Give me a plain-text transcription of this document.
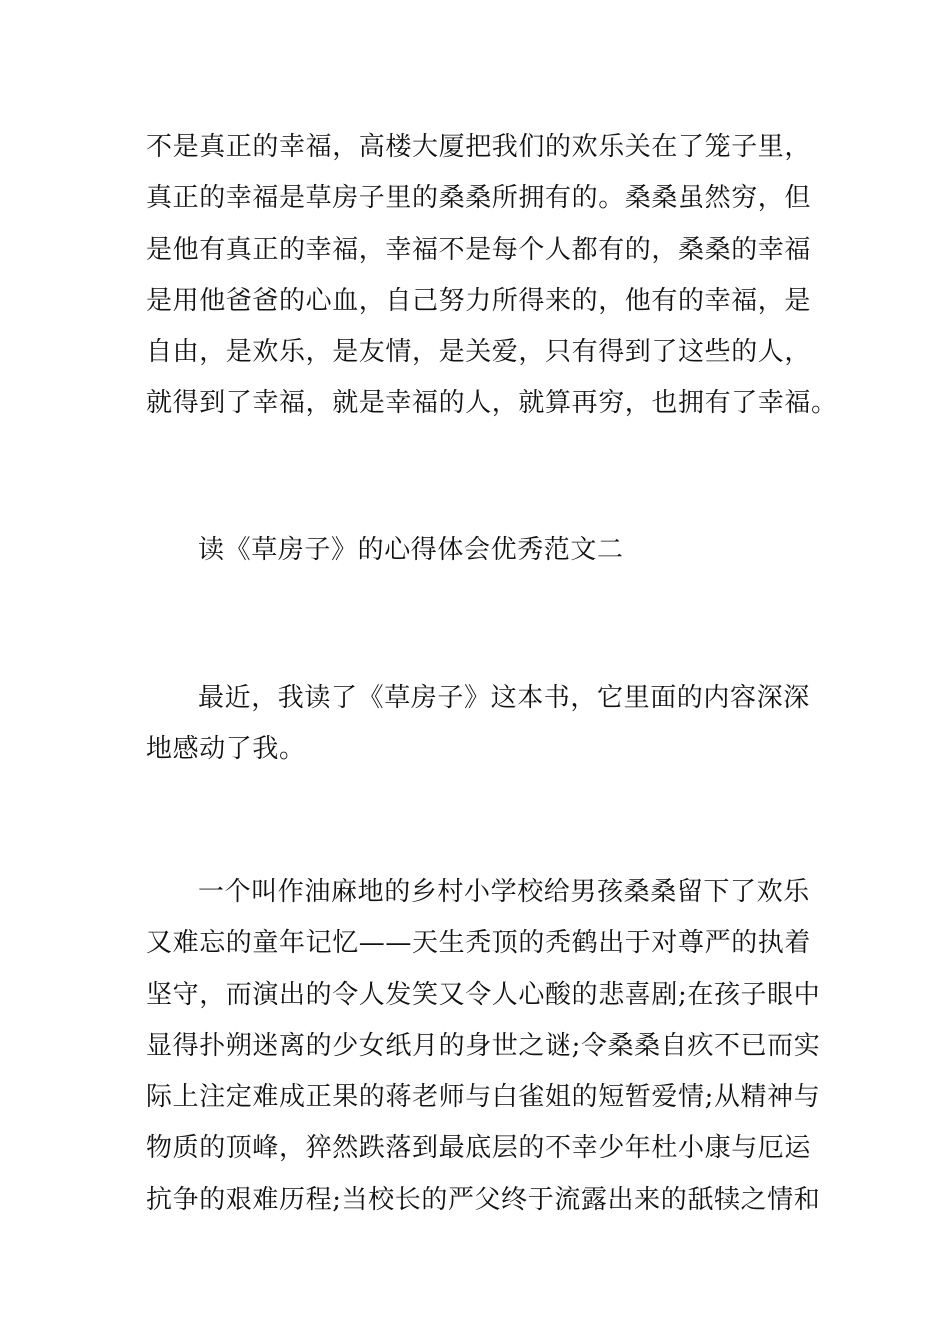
不是真正的幸福，高楼大厦把我们的欢乐关在了笼子里，
真正的幸福是草房子里的桑桑所拥有的。桑桑虽然穷，但
是他有真正的幸福，幸福不是每个人都有的，桑桑的幸福
是用他爸爸的心血，自己努力所得来的，他有的幸福，是
自由，是欢乐，是友情，是关爱，只有得到了这些的人，
就得到了幸福，就是幸福的人，就算再穷，也拥有了幸福。
读《草房子》的心得体会优秀范文二
最近，我读了《草房子》这本书，它里面的内容深深
地感动了我。
一个叫作油麻地的乡村小学校给男孩桑桑留下了欢乐
又难忘的童年记忆——天生秃顶的秃鹤出于对尊严的执着
坚守，而演出的令人发笑又令人心酸的悲喜剧;在孩子眼中
显得扑朔迷离的少女纸月的身世之谜;令桑桑自疚不已而实
际上注定难成正果的蒋老师与白雀姐的短暂爱情;从精神与
物质的顶峰，猝然跌落到最底层的不幸少年杜小康与厄运
抗争的艰难历程;当校长的严父终于流露出来的舐犊之情和
